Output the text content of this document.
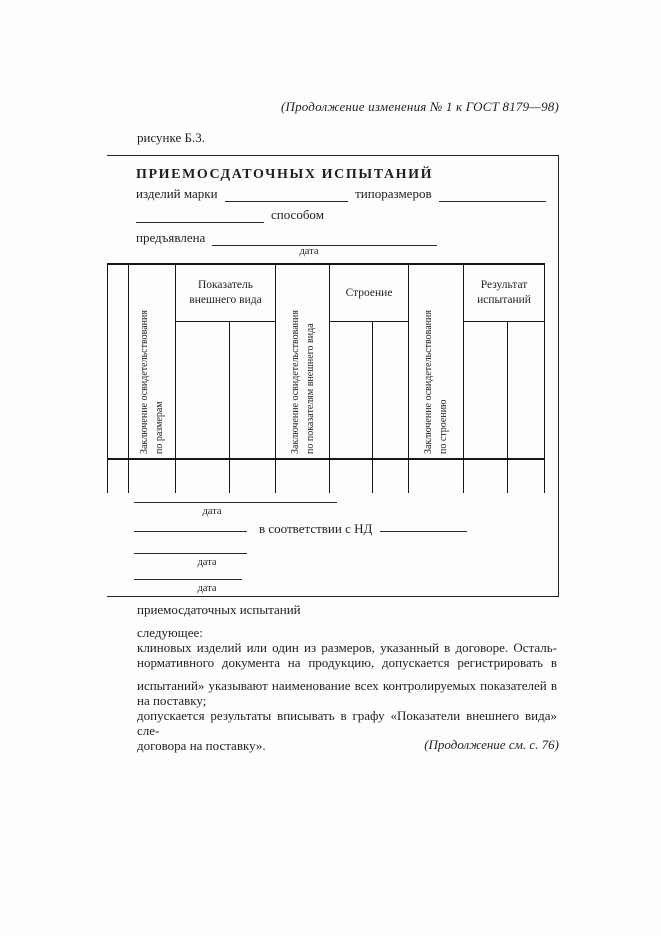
(Продолжение изменения № 1 к ГОСТ 8179—98)
рисунке Б.3.
ПРИЕМОСДАТОЧНЫХ ИСПЫТАНИЙ
изделий марки	типоразмеров
способом
предъявлена
дата
Заключение освидетельствования по размерам
Показатель
внешнего вида
Заключение освидетельствования по показателям внешнего вида
Строение
Заключение освидетельствования по строению
Результат
испытаний
дата
в соответствии с НД
дата
дата
приемосдаточных испытаний
следующее:
клиновых изделий или один из размеров, указанный в договоре. Осталь-
нормативного документа на продукцию, допускается регистрировать в
испытаний» указывают наименование всех контролируемых показателей в
на поставку;
допускается результаты вписывать в графу «Показатели внешнего вида» сле-
договора на поставку».	(Продолжение см. с. 76)
